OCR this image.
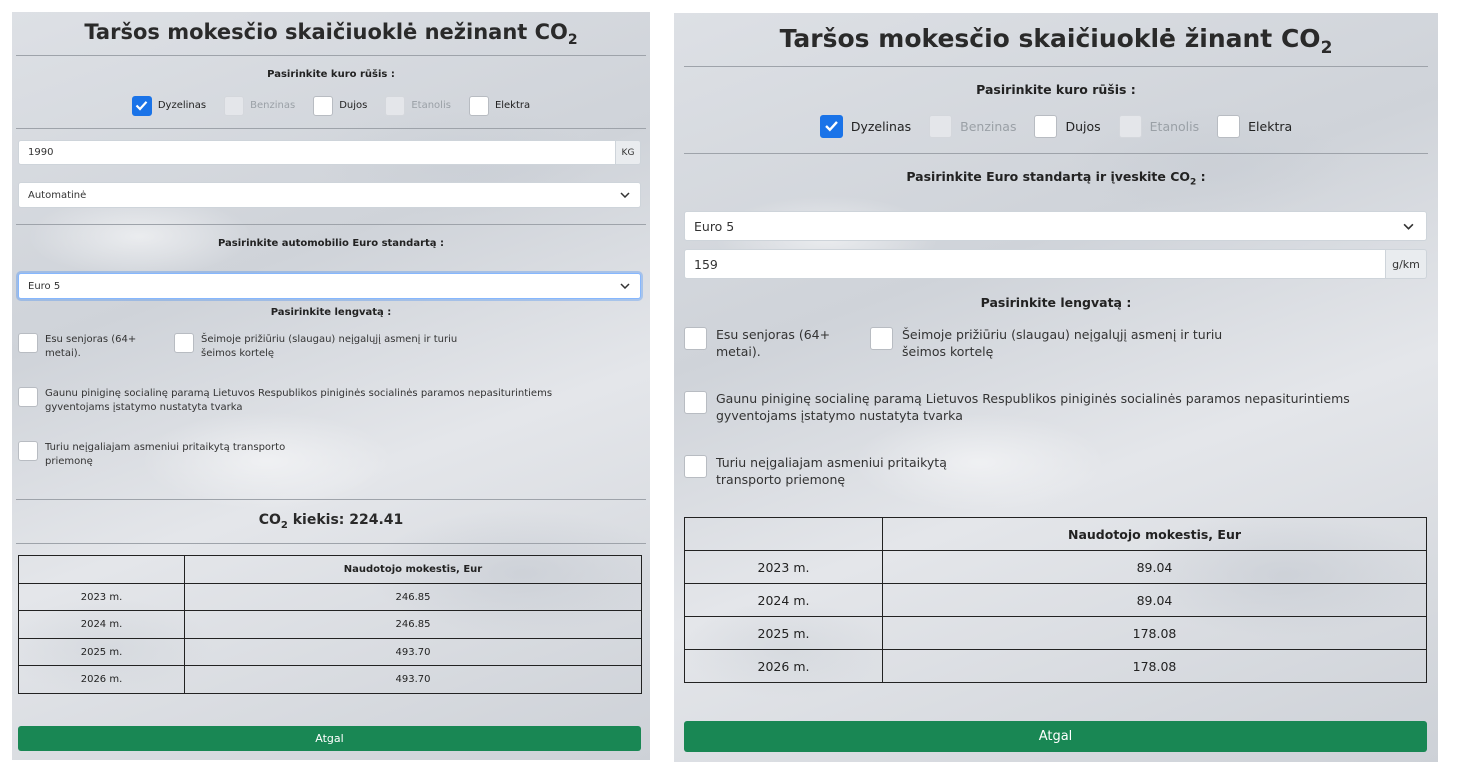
Taršos mokesčio skaičiuoklė nežinant $CO_2$
Pasirinkite kuro rūšis :
Dyzelinas	Benzinas	Dujos	Etanolis	Elektra
1990	KG
Automatinė
Pasirinkite automobilio Euro standartą :
Euro 5
Pasirinkite lengvatą :
Esu senjoras (64+ metai).
Šeimoje prižiūriu (slaugau) neįgalųjį asmenį ir turiu šeimos kortelę
Gaunu piniginę socialinę paramą Lietuvos Respublikos piniginės socialinės paramos nepasiturintiems gyventojams įstatymo nustatyta tvarka
Turiu neįgaliajam asmeniui pritaikytą transporto priemonę
$CO_2$ kiekis: 224.41
	Naudotojo mokestis, Eur
2023 m.	246.85
2024 m.	246.85
2025 m.	493.70
2026 m.	493.70
Atgal
Taršos mokesčio skaičiuoklė žinant $CO_2$
Pasirinkite kuro rūšis :
Dyzelinas	Benzinas	Dujos	Etanolis	Elektra
Pasirinkite Euro standartą ir įveskite $CO_2$ :
Euro 5
159	g/km
Pasirinkite lengvatą :
Esu senjoras (64+ metai).
Šeimoje prižiūriu (slaugau) neįgalųjį asmenį ir turiu šeimos kortelę
Gaunu piniginę socialinę paramą Lietuvos Respublikos piniginės socialinės paramos nepasiturintiems gyventojams įstatymo nustatyta tvarka
Turiu neįgaliajam asmeniui pritaikytą transporto priemonę
	Naudotojo mokestis, Eur
2023 m.	89.04
2024 m.	89.04
2025 m.	178.08
2026 m.	178.08
Atgal
